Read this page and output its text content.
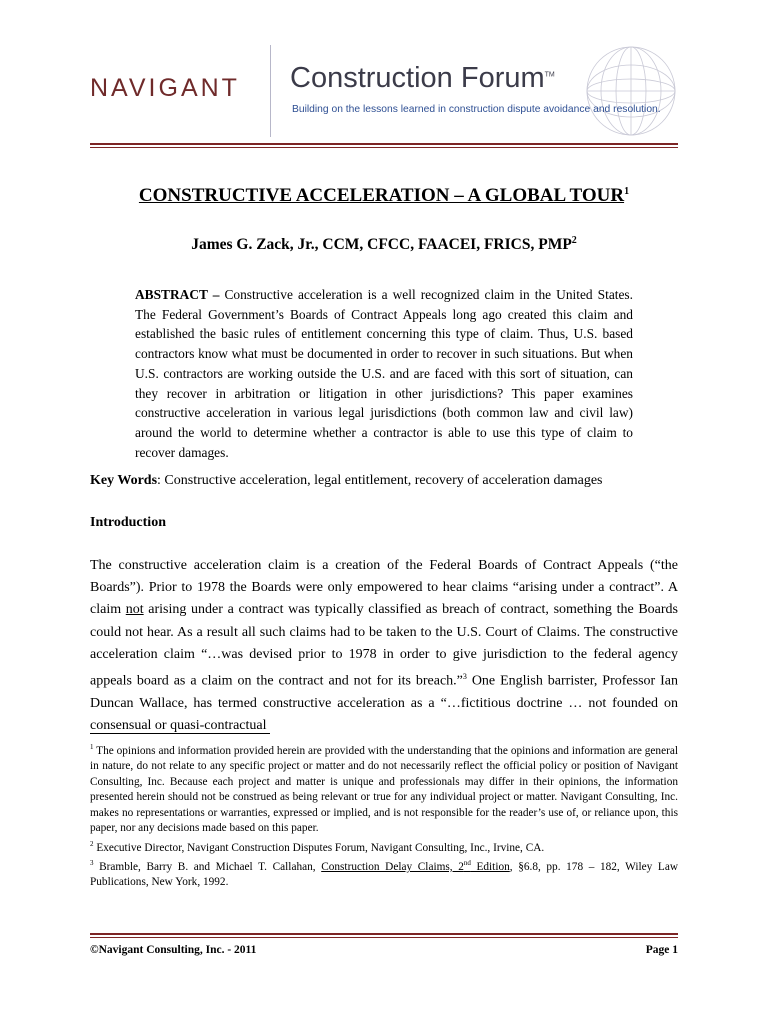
NAVIGANT Construction Forum™
Building on the lessons learned in construction dispute avoidance and resolution.
CONSTRUCTIVE ACCELERATION – A GLOBAL TOUR$^1$
James G. Zack, Jr., CCM, CFCC, FAACEI, FRICS, PMP$^2$
ABSTRACT – Constructive acceleration is a well recognized claim in the United States. The Federal Government’s Boards of Contract Appeals long ago created this claim and established the basic rules of entitlement concerning this type of claim. Thus, U.S. based contractors know what must be documented in order to recover in such situations. But when U.S. contractors are working outside the U.S. and are faced with this sort of situation, can they recover in arbitration or litigation in other jurisdictions? This paper examines constructive acceleration in various legal jurisdictions (both common law and civil law) around the world to determine whether a contractor is able to use this type of claim to recover damages.
Key Words: Constructive acceleration, legal entitlement, recovery of acceleration damages
Introduction
The constructive acceleration claim is a creation of the Federal Boards of Contract Appeals (“the Boards”). Prior to 1978 the Boards were only empowered to hear claims “arising under a contract”. A claim not arising under a contract was typically classified as breach of contract, something the Boards could not hear. As a result all such claims had to be taken to the U.S. Court of Claims. The constructive acceleration claim “…was devised prior to 1978 in order to give jurisdiction to the federal agency appeals board as a claim on the contract and not for its breach.”$^3$ One English barrister, Professor Ian Duncan Wallace, has termed constructive acceleration as a “…fictitious doctrine … not founded on consensual or quasi-contractual

$^1$ The opinions and information provided herein are provided with the understanding that the opinions and information are general in nature, do not relate to any specific project or matter and do not necessarily reflect the official policy or position of Navigant Consulting, Inc. Because each project and matter is unique and professionals may differ in their opinions, the information presented herein should not be construed as being relevant or true for any individual project or matter. Navigant Consulting, Inc. makes no representations or warranties, expressed or implied, and is not responsible for the reader’s use of, or reliance upon, this paper, nor any decisions made based on this paper.

$^2$ Executive Director, Navigant Construction Disputes Forum, Navigant Consulting, Inc., Irvine, CA.

$^3$ Bramble, Barry B. and Michael T. Callahan, Construction Delay Claims, 2nd Edition, §6.8, pp. 178 – 182, Wiley Law Publications, New York, 1992.

©Navigant Consulting, Inc. - 2011	Page 1
